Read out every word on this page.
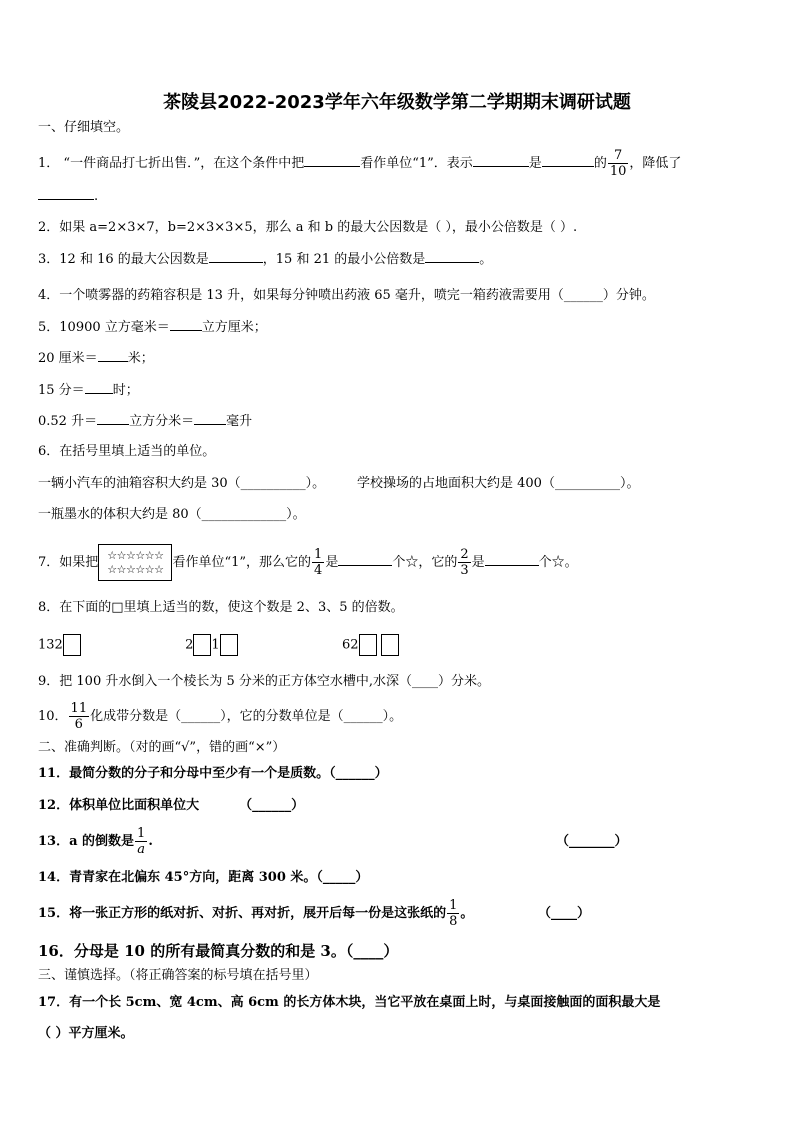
茶陵县2022-2023学年六年级数学第二学期期末调研试题
一、仔细填空。
1． “一件商品打七折出售．”，在这个条件中把	看作单位“1”．表示	是	的 $\frac{7}{10}$ ，降低了
.
2．如果 a=2×3×7，b=2×3×3×5，那么 a 和 b 的最大公因数是（ ），最小公倍数是（ ）.
3．12 和 16 的最大公因数是	，15 和 21 的最小公倍数是	。
4．一个喷雾器的药箱容积是 13 升，如果每分钟喷出药液 65 毫升，喷完一箱药液需要用（______）分钟。
5．10900 立方毫米＝ 立方厘米；
20 厘米＝ 米；
15 分＝ 时；
0.52 升＝ 立方分米＝ 毫升
6．在括号里填上适当的单位。
一辆小汽车的油箱容积大约是 30（__________）。	学校操场的占地面积大约是 400（__________）。
一瓶墨水的体积大约是 80（_____________）。
7．如果把 ☆☆☆☆☆☆
☆☆☆☆☆☆ 看作单位“1”，那么它的 $\frac{1}{4}$ 是	个☆，它的 $\frac{2}{3}$ 是	个☆。
8．在下面的□里填上适当的数，使这个数是 2、3、5 的倍数。
132	2 1	62
9．把 100 升水倒入一个棱长为 5 分米的正方体空水槽中,水深（____）分米。
10． $\frac{11}{6}$ 化成带分数是（______），它的分数单位是（______）。
二、准确判断。（对的画“√”，错的画“×”）
11．最简分数的分子和分母中至少有一个是质数。（______）
12．体积单位比面积单位大	（______）
13．a 的倒数是 $\frac{1}{a}$ .	（_______）
14．青青家在北偏东 45°方向，距离 300 米。（_____）
15．将一张正方形的纸对折、对折、再对折，展开后每一份是这张纸的 $\frac{1}{8}$ 。	（____）
16．分母是 10 的所有最简真分数的和是 3。（____）
三、谨慎选择。（将正确答案的标号填在括号里）
17．有一个长 5cm、宽 4cm、高 6cm 的长方体木块，当它平放在桌面上时，与桌面接触面的面积最大是
（ ）平方厘米。
